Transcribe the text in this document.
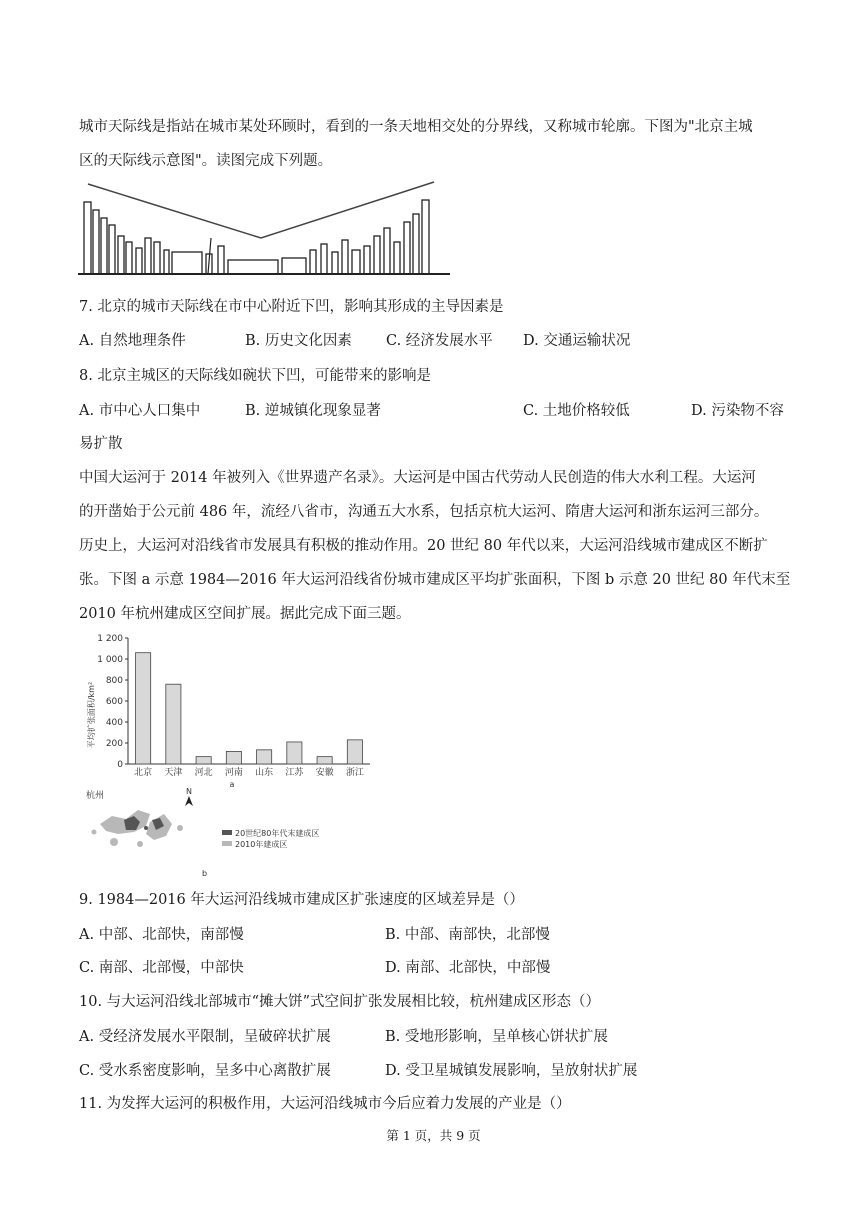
城市天际线是指站在城市某处环顾时，看到的一条天地相交处的分界线，又称城市轮廓。下图为"北京主城
区的天际线示意图"。读图完成下列题。
7. 北京的城市天际线在市中心附近下凹，影响其形成的主导因素是
A. 自然地理条件	B. 历史文化因素 C. 经济发展水平 D. 交通运输状况
8. 北京主城区的天际线如碗状下凹，可能带来的影响是
A. 市中心人口集中	B. 逆城镇化现象显著	C. 土地价格较低	D. 污染物不容
易扩散
中国大运河于 2014 年被列入《世界遗产名录》。大运河是中国古代劳动人民创造的伟大水利工程。大运河
的开凿始于公元前 486 年，流经八省市，沟通五大水系，包括京杭大运河、隋唐大运河和浙东运河三部分。
历史上，大运河对沿线省市发展具有积极的推动作用。20 世纪 80 年代以来，大运河沿线城市建成区不断扩
张。下图 a 示意 1984—2016 年大运河沿线省份城市建成区平均扩张面积，下图 b 示意 20 世纪 80 年代末至
2010 年杭州建成区空间扩展。据此完成下面三题。
0
200
400
600
800
1 000
1 200
北京 天津 河北 河南 山东 江苏 安徽 浙江
平均扩张面积/km²
a
杭州	N
20世纪80年代末建成区
2010年建成区
b
9. 1984—2016 年大运河沿线城市建成区扩张速度的区域差异是（）
A. 中部、北部快，南部慢	B. 中部、南部快，北部慢
C. 南部、北部慢，中部快	D. 南部、北部快，中部慢
10. 与大运河沿线北部城市“摊大饼”式空间扩张发展相比较，杭州建成区形态（）
A. 受经济发展水平限制，呈破碎状扩展	B. 受地形影响，呈单核心饼状扩展
C. 受水系密度影响，呈多中心离散扩展	D. 受卫星城镇发展影响，呈放射状扩展
11. 为发挥大运河的积极作用，大运河沿线城市今后应着力发展的产业是（）
第 1 页，共 9 页
